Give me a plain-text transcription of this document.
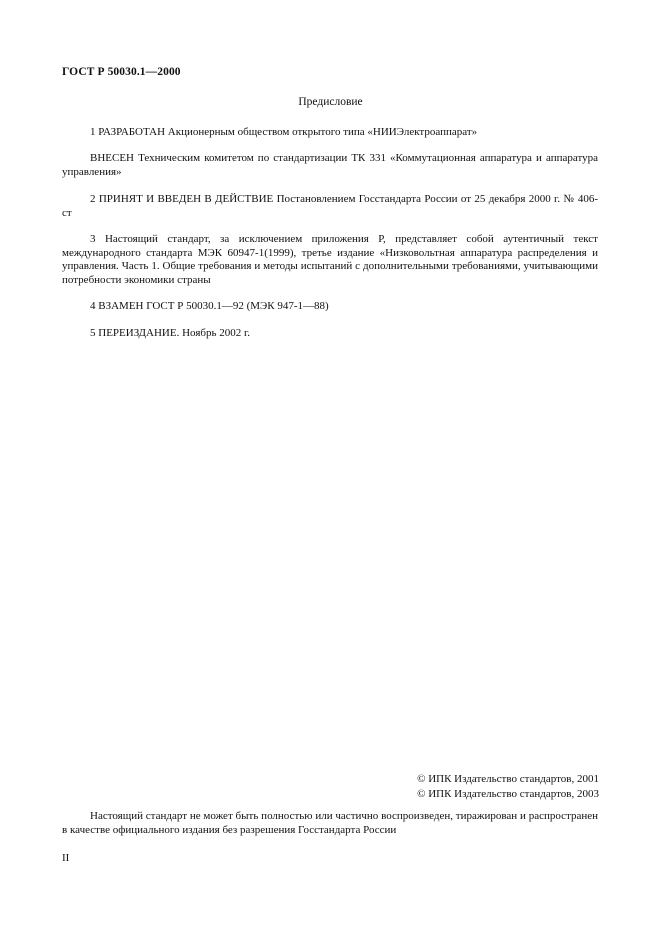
ГОСТ Р 50030.1—2000
Предисловие

1 РАЗРАБОТАН Акционерным обществом открытого типа «НИИЭлектроаппарат»

ВНЕСЕН Техническим комитетом по стандартизации ТК 331 «Коммутационная аппаратура и аппаратура управления»

2 ПРИНЯТ И ВВЕДЕН В ДЕЙСТВИЕ Постановлением Госстандарта России от 25 декабря 2000 г. № 406-ст

3 Настоящий стандарт, за исключением приложения Р, представляет собой аутентичный текст международного стандарта МЭК 60947-1(1999), третье издание «Низковольтная аппаратура распределения и управления. Часть 1. Общие требования и методы испытаний с дополнительными требованиями, учитывающими потребности экономики страны

4 ВЗАМЕН ГОСТ Р 50030.1—92 (МЭК 947-1—88)

5 ПЕРЕИЗДАНИЕ. Ноябрь 2002 г.

© ИПК Издательство стандартов, 2001
© ИПК Издательство стандартов, 2003

Настоящий стандарт не может быть полностью или частично воспроизведен, тиражирован и распространен в качестве официального издания без разрешения Госстандарта России

II
